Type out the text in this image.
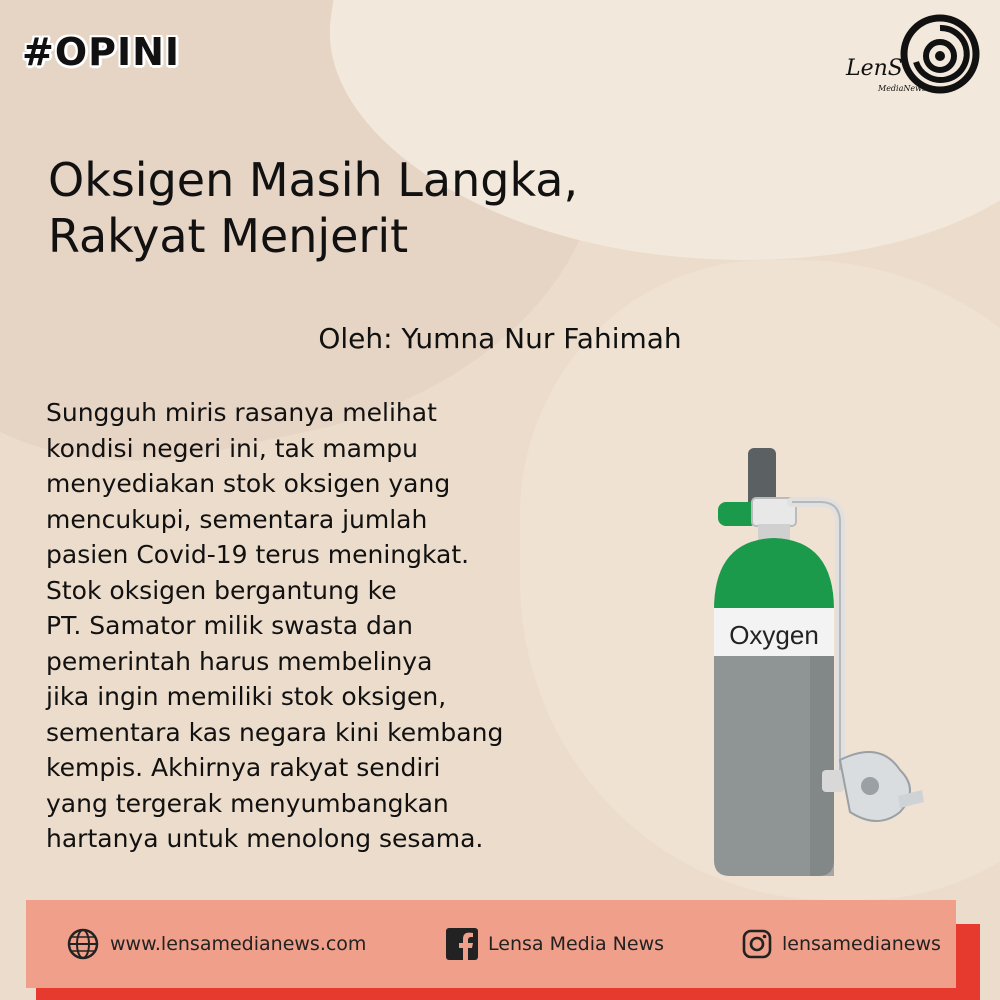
#OPINI	LenS
MediaNews.com
Oksigen Masih Langka,
Rakyat Menjerit
Oleh: Yumna Nur Fahimah
Sungguh miris rasanya melihat
kondisi negeri ini, tak mampu
menyediakan stok oksigen yang
mencukupi, sementara jumlah
pasien Covid-19 terus meningkat.
Stok oksigen bergantung ke
PT. Samator milik swasta dan
pemerintah harus membelinya
jika ingin memiliki stok oksigen,
sementara kas negara kini kembang
kempis. Akhirnya rakyat sendiri
yang tergerak menyumbangkan
hartanya untuk menolong sesama.
Oxygen
www.lensamedianews.com	Lensa Media News	lensamedianews
